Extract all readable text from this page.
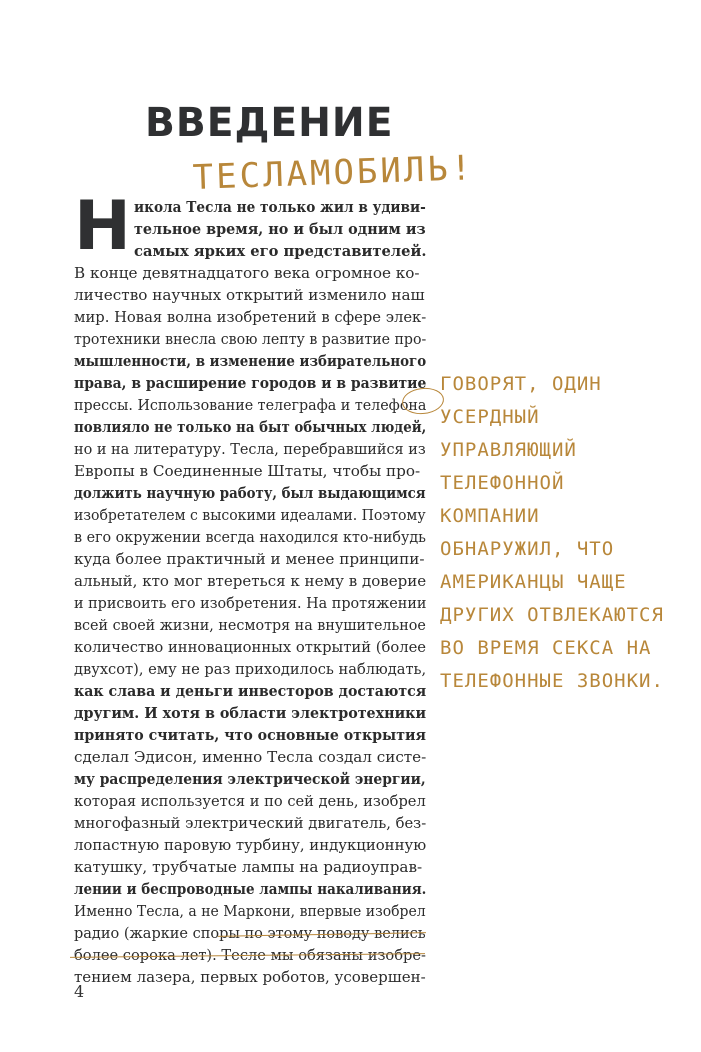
ВВЕДЕНИЕ
ТЕСЛАМОБИЛЬ!
Н икола Тесла не только жил в удиви-
тельное время, но и был одним из
самых ярких его представителей.
В конце девятнадцатого века огромное ко-
личество научных открытий изменило наш
мир. Новая волна изобретений в сфере элек-
тротехники внесла свою лепту в развитие про-
мышленности, в изменение избирательного
права, в расширение городов и в развитие
прессы. Использование телеграфа и телефона
повлияло не только на быт обычных людей,
но и на литературу. Тесла, перебравшийся из
Европы в Соединенные Штаты, чтобы про-
должить научную работу, был выдающимся
изобретателем с высокими идеалами. Поэтому
в его окружении всегда находился кто-нибудь
куда более практичный и менее принципи-
альный, кто мог втереться к нему в доверие
и присвоить его изобретения. На протяжении
всей своей жизни, несмотря на внушительное
количество инновационных открытий (более
двухсот), ему не раз приходилось наблюдать,
как слава и деньги инвесторов достаются
другим. И хотя в области электротехники
принято считать, что основные открытия
сделал Эдисон, именно Тесла создал систе-
му распределения электрической энергии,
которая используется и по сей день, изобрел
многофазный электрический двигатель, без-
лопастную паровую турбину, индукционную
катушку, трубчатые лампы на радиоуправ-
лении и беспроводные лампы накаливания.
Именно Тесла, а не Маркони, впервые изобрел
радио (жаркие споры по этому поводу велись
более сорока лет). Тесле мы обязаны изобре-
тением лазера, первых роботов, усовершен-
ГОВОРЯТ, ОДИН
УСЕРДНЫЙ
УПРАВЛЯЮЩИЙ
ТЕЛЕФОННОЙ
КОМПАНИИ
ОБНАРУЖИЛ, ЧТО
АМЕРИКАНЦЫ ЧАЩЕ
ДРУГИХ ОТВЛЕКАЮТСЯ
ВО ВРЕМЯ СЕКСА НА
ТЕЛЕФОННЫЕ ЗВОНКИ.
4
